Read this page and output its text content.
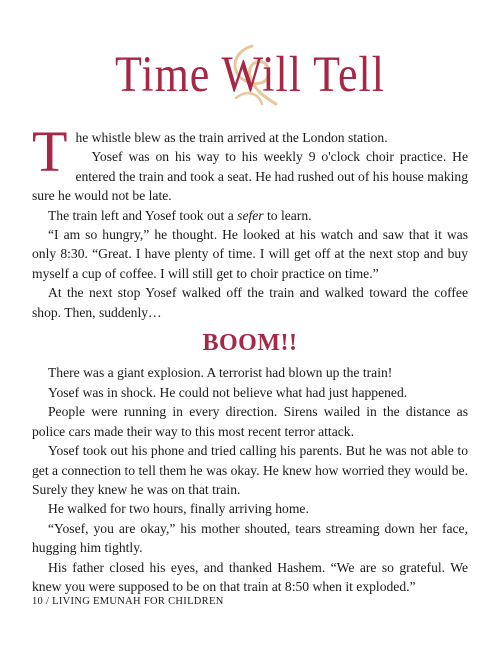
Time Will Tell

The whistle blew as the train arrived at the London station.

Yosef was on his way to his weekly 9 o'clock choir practice. He entered the train and took a seat. He had rushed out of his house making sure he would not be late.

The train left and Yosef took out a sefer to learn.

“I am so hungry,” he thought. He looked at his watch and saw that it was only 8:30. “Great. I have plenty of time. I will get off at the next stop and buy myself a cup of coffee. I will still get to choir practice on time.”

At the next stop Yosef walked off the train and walked toward the coffee shop. Then, suddenly…

BOOM!!

There was a giant explosion. A terrorist had blown up the train!

Yosef was in shock. He could not believe what had just happened.

People were running in every direction. Sirens wailed in the distance as police cars made their way to this most recent terror attack.

Yosef took out his phone and tried calling his parents. But he was not able to get a connection to tell them he was okay. He knew how worried they would be. Surely they knew he was on that train.

He walked for two hours, finally arriving home.

“Yosef, you are okay,” his mother shouted, tears streaming down her face, hugging him tightly.

His father closed his eyes, and thanked Hashem. “We are so grateful. We knew you were supposed to be on that train at 8:50 when it exploded.”

10 / LIVING EMUNAH FOR CHILDREN
